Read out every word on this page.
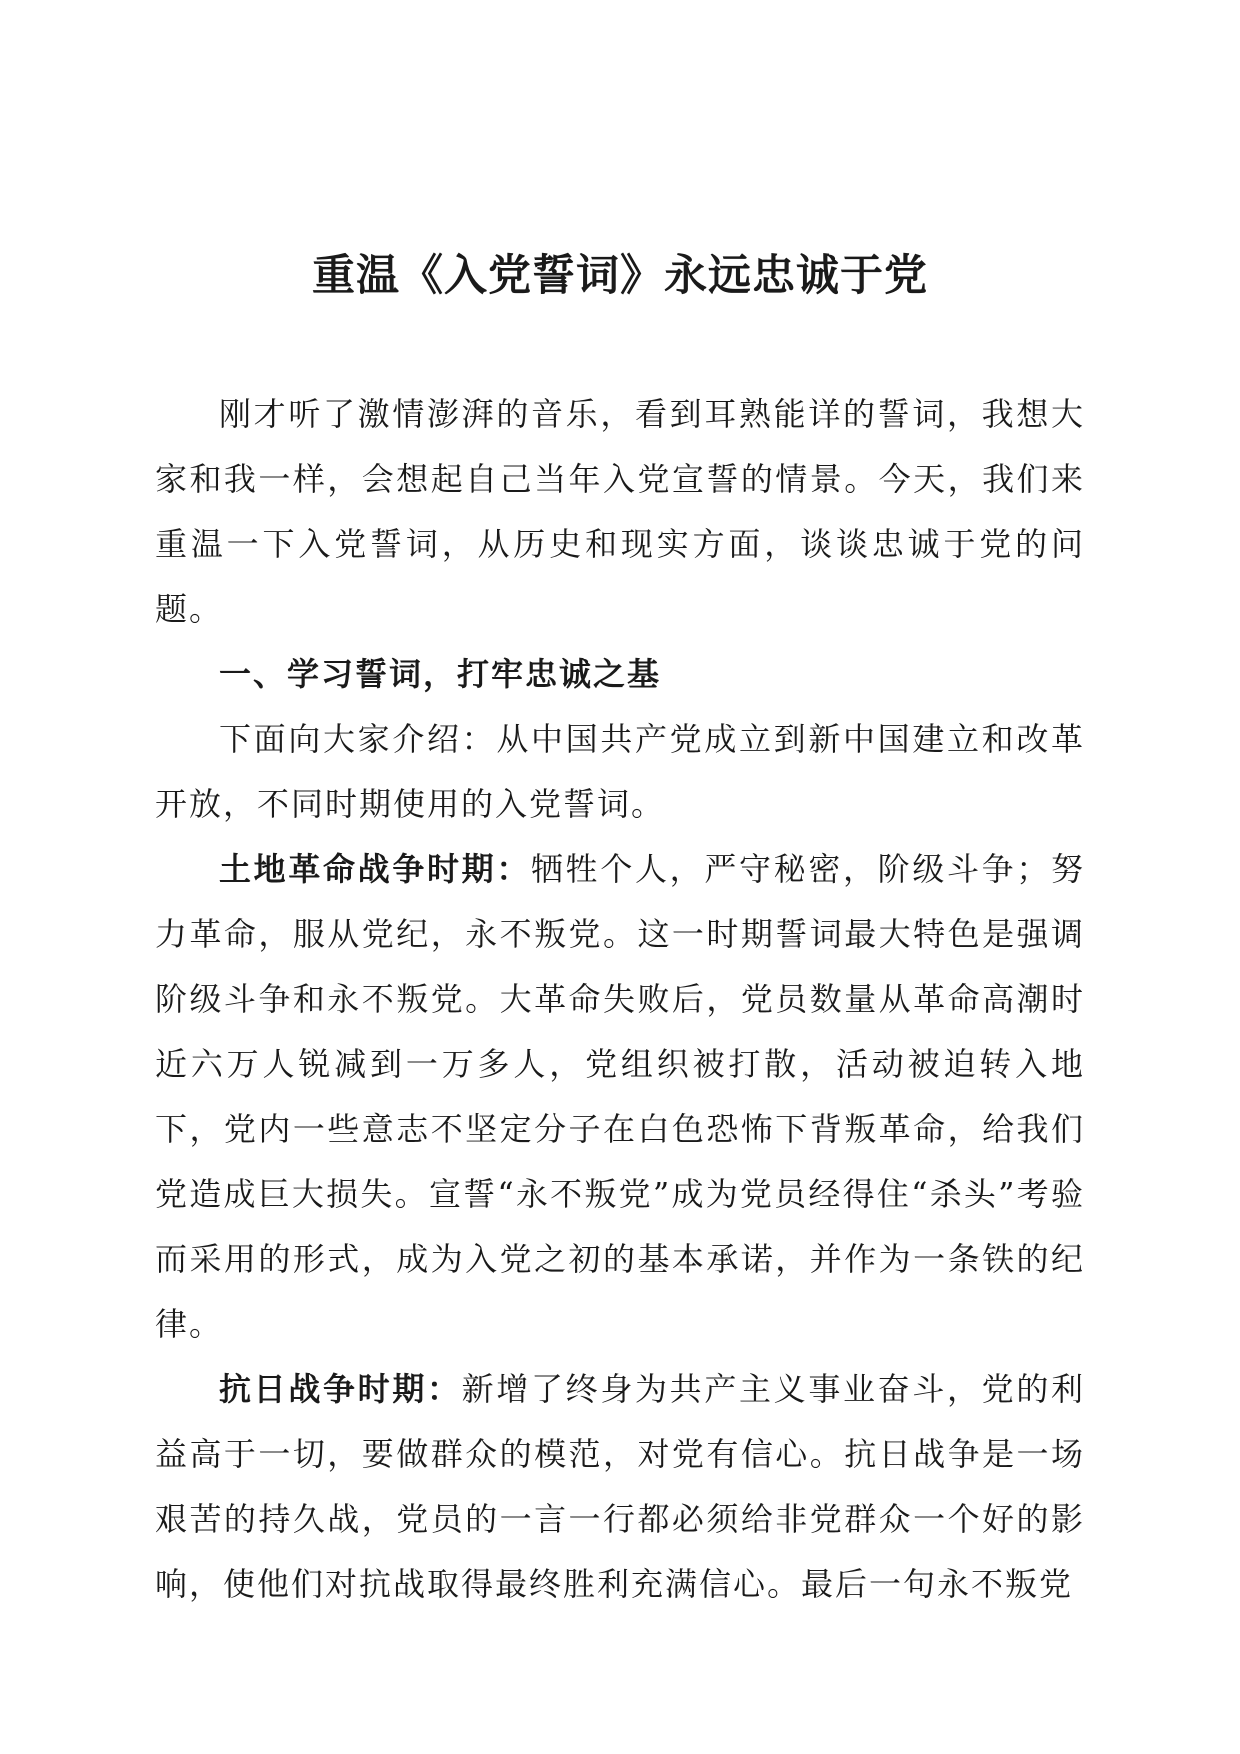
重温《入党誓词》永远忠诚于党

刚才听了激情澎湃的音乐，看到耳熟能详的誓词，我想大家和我一样，会想起自己当年入党宣誓的情景。今天，我们来重温一下入党誓词，从历史和现实方面，谈谈忠诚于党的问题。

一、学习誓词，打牢忠诚之基

下面向大家介绍：从中国共产党成立到新中国建立和改革开放，不同时期使用的入党誓词。

土地革命战争时期：牺牲个人，严守秘密，阶级斗争；努力革命，服从党纪，永不叛党。这一时期誓词最大特色是强调阶级斗争和永不叛党。大革命失败后，党员数量从革命高潮时近六万人锐减到一万多人，党组织被打散，活动被迫转入地下，党内一些意志不坚定分子在白色恐怖下背叛革命，给我们党造成巨大损失。宣誓“永不叛党”成为党员经得住“杀头”考验而采用的形式，成为入党之初的基本承诺，并作为一条铁的纪律。

抗日战争时期：新增了终身为共产主义事业奋斗，党的利益高于一切，要做群众的模范，对党有信心。抗日战争是一场艰苦的持久战，党员的一言一行都必须给非党群众一个好的影响，使他们对抗战取得最终胜利充满信心。最后一句永不叛党
